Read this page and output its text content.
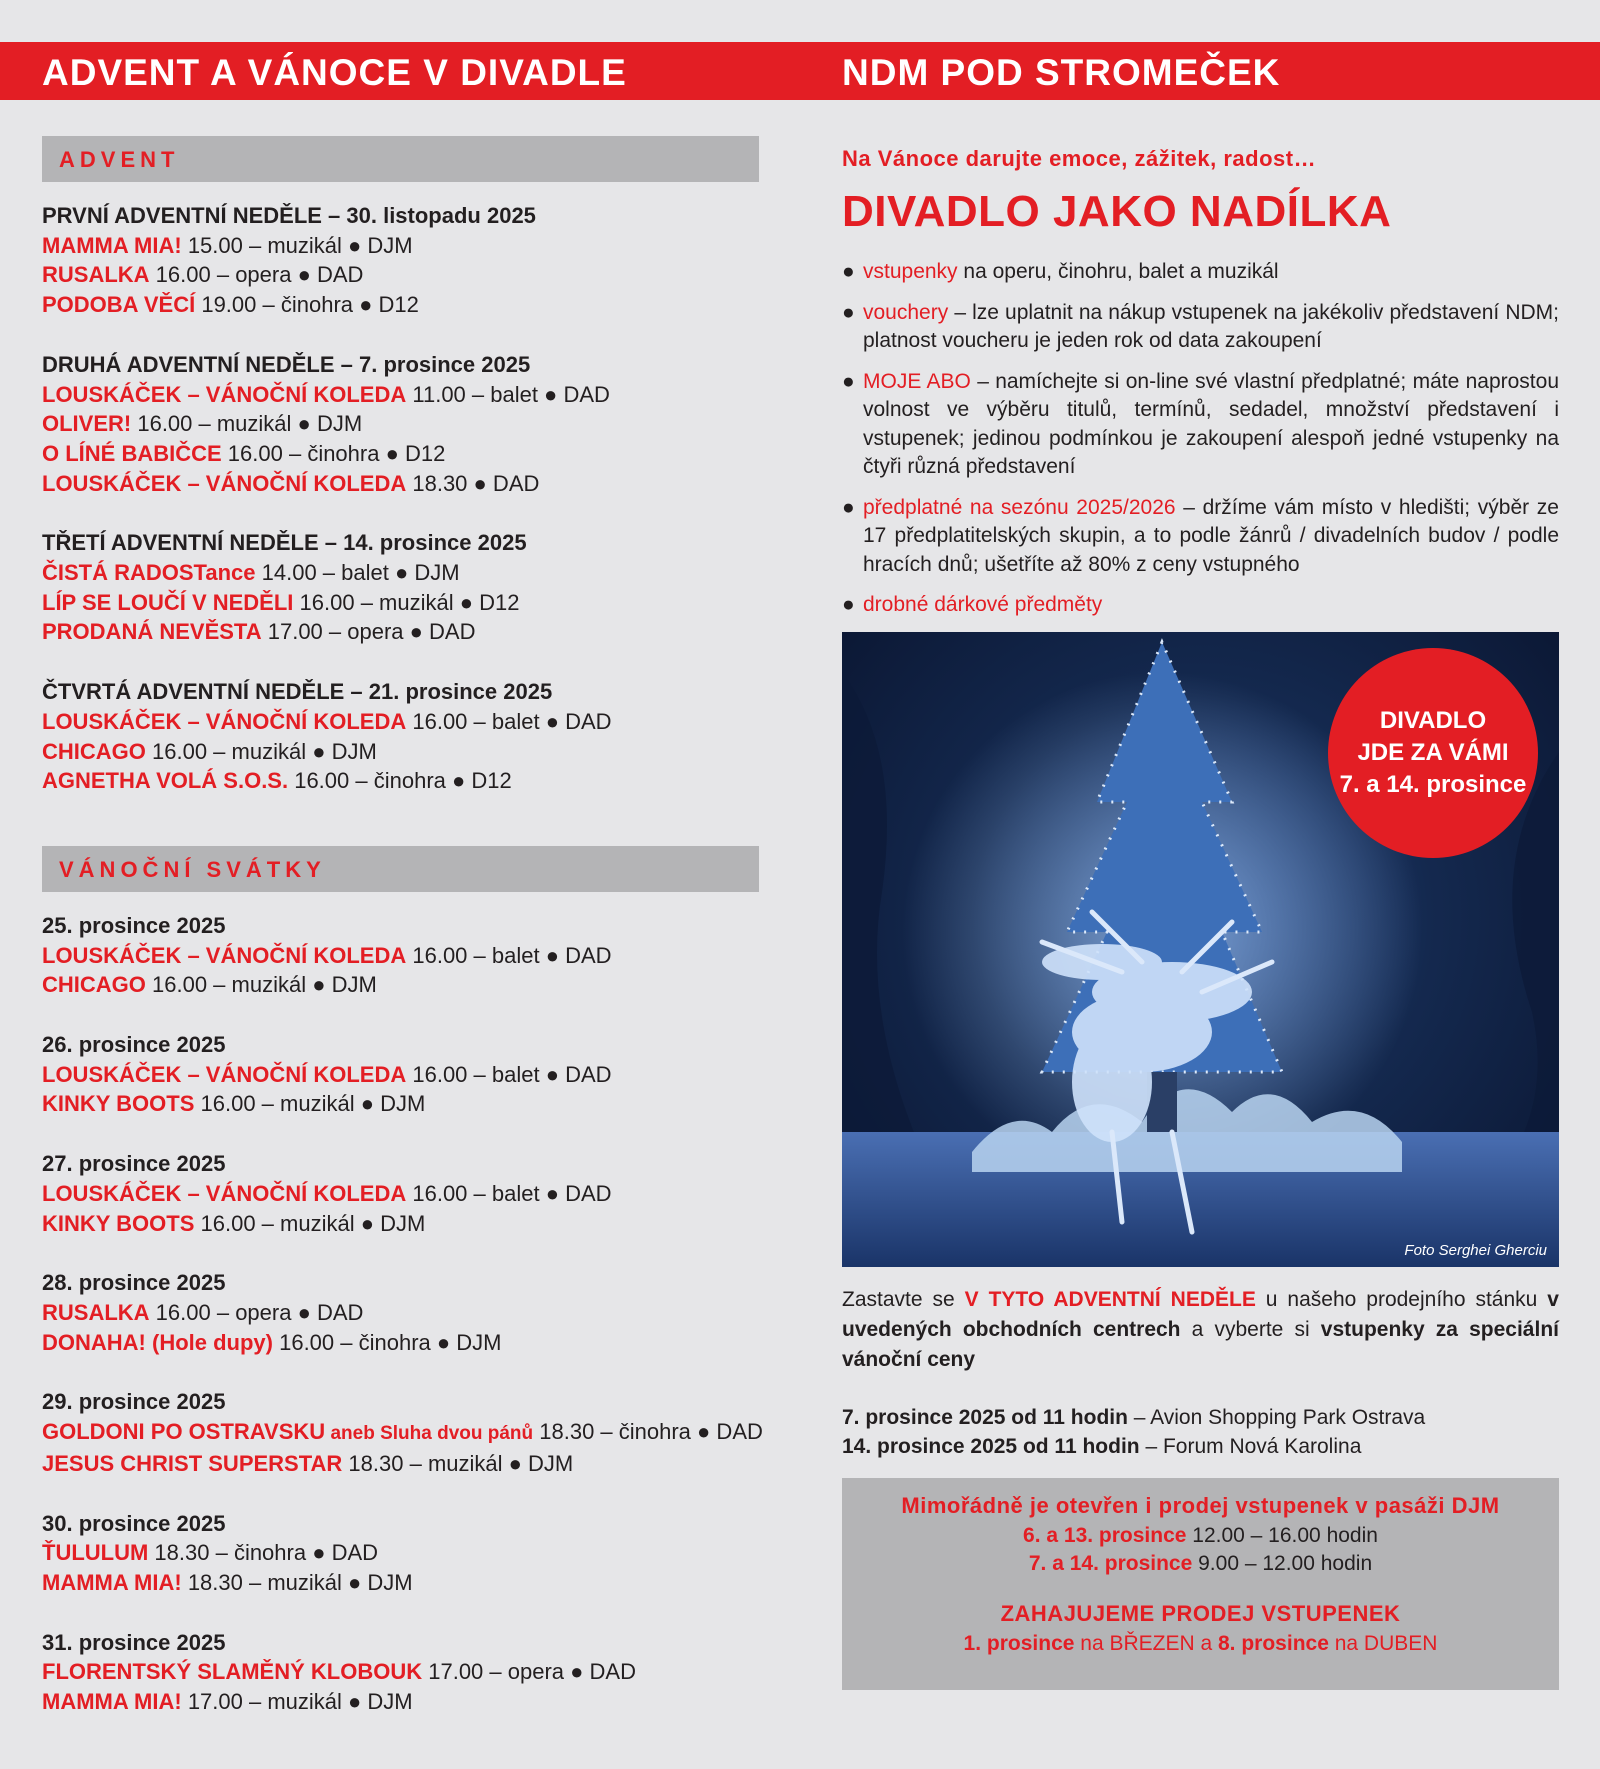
ADVENT A VÁNOCE V DIVADLE	NDM POD STROMEČEK
ADVENT
PRVNÍ ADVENTNÍ NEDĚLE – 30. listopadu 2025
MAMMA MIA! 15.00 – muzikál ● DJM
RUSALKA 16.00 – opera ● DAD
PODOBA VĚCÍ 19.00 – činohra ● D12
DRUHÁ ADVENTNÍ NEDĚLE – 7. prosince 2025
LOUSKÁČEK – VÁNOČNÍ KOLEDA 11.00 – balet ● DAD
OLIVER! 16.00 – muzikál ● DJM
O LÍNÉ BABIČCE 16.00 – činohra ● D12
LOUSKÁČEK – VÁNOČNÍ KOLEDA 18.30 ● DAD
TŘETÍ ADVENTNÍ NEDĚLE – 14. prosince 2025
ČISTÁ RADOSTance 14.00 – balet ● DJM
LÍP SE LOUČÍ V NEDĚLI 16.00 – muzikál ● D12
PRODANÁ NEVĚSTA 17.00 – opera ● DAD
ČTVRTÁ ADVENTNÍ NEDĚLE – 21. prosince 2025
LOUSKÁČEK – VÁNOČNÍ KOLEDA 16.00 – balet ● DAD
CHICAGO 16.00 – muzikál ● DJM
AGNETHA VOLÁ S.O.S. 16.00 – činohra ● D12
VÁNOČNÍ SVÁTKY
25. prosince 2025
LOUSKÁČEK – VÁNOČNÍ KOLEDA 16.00 – balet ● DAD
CHICAGO 16.00 – muzikál ● DJM
26. prosince 2025
LOUSKÁČEK – VÁNOČNÍ KOLEDA 16.00 – balet ● DAD
KINKY BOOTS 16.00 – muzikál ● DJM
27. prosince 2025
LOUSKÁČEK – VÁNOČNÍ KOLEDA 16.00 – balet ● DAD
KINKY BOOTS 16.00 – muzikál ● DJM
28. prosince 2025
RUSALKA 16.00 – opera ● DAD
DONAHA! (Hole dupy) 16.00 – činohra ● DJM
29. prosince 2025
GOLDONI PO OSTRAVSKU aneb Sluha dvou pánů 18.30 – činohra ● DAD
JESUS CHRIST SUPERSTAR 18.30 – muzikál ● DJM
30. prosince 2025
ŤULULUM 18.30 – činohra ● DAD
MAMMA MIA! 18.30 – muzikál ● DJM
31. prosince 2025
FLORENTSKÝ SLAMĚNÝ KLOBOUK 17.00 – opera ● DAD
MAMMA MIA! 17.00 – muzikál ● DJM
Na Vánoce darujte emoce, zážitek, radost…
DIVADLO JAKO NADÍLKA
● vstupenky na operu, činohru, balet a muzikál
● vouchery – lze uplatnit na nákup vstupenek na jakékoliv představení NDM; platnost voucheru je jeden rok od data zakoupení
● MOJE ABO – namíchejte si on-line své vlastní předplatné; máte naprostou volnost ve výběru titulů, termínů, sedadel, množství představení i vstupenek; jedinou podmínkou je zakoupení alespoň jedné vstupenky na čtyři různá představení
● předplatné na sezónu 2025/2026 – držíme vám místo v hledišti; výběr ze 17 předplatitelských skupin, a to podle žánrů / divadelních budov / podle hracích dnů; ušetříte až 80% z ceny vstupného
● drobné dárkové předměty
DIVADLO
JDE ZA VÁMI
7. a 14. prosince
Foto Serghei Gherciu
Zastavte se V TYTO ADVENTNÍ NEDĚLE u našeho prodejního stánku v uvedených obchodních centrech a vyberte si vstupenky za speciální vánoční ceny
7. prosince 2025 od 11 hodin – Avion Shopping Park Ostrava
14. prosince 2025 od 11 hodin – Forum Nová Karolina
Mimořádně je otevřen i prodej vstupenek v pasáži DJM
6. a 13. prosince 12.00 – 16.00 hodin
7. a 14. prosince 9.00 – 12.00 hodin
ZAHAJUJEME PRODEJ VSTUPENEK
1. prosince na BŘEZEN a 8. prosince na DUBEN
